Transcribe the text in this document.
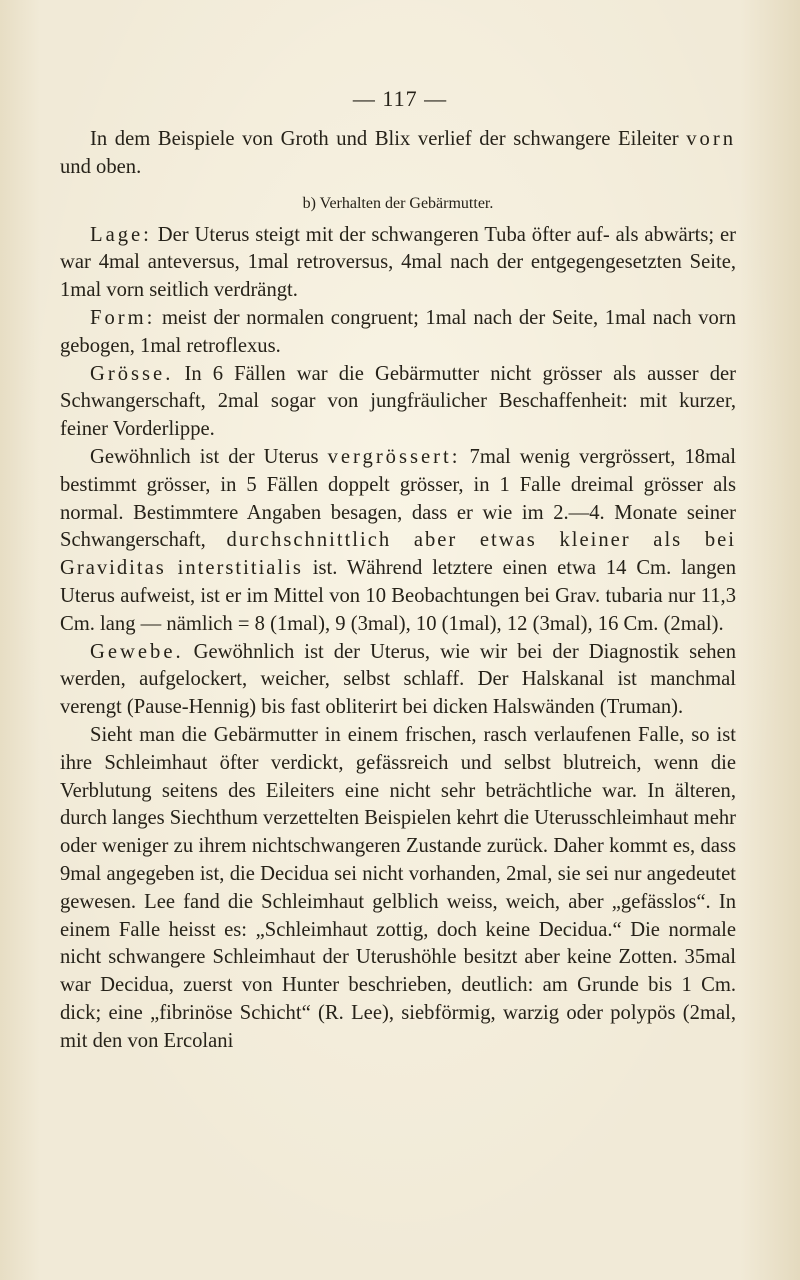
— 117 —

In dem Beispiele von Groth und Blix verlief der schwangere Eileiter vorn und oben.

b) Verhalten der Gebärmutter.

Lage: Der Uterus steigt mit der schwangeren Tuba öfter auf- als abwärts; er war 4mal anteversus, 1mal retroversus, 4mal nach der entgegengesetzten Seite, 1mal vorn seitlich verdrängt.

Form: meist der normalen congruent; 1mal nach der Seite, 1mal nach vorn gebogen, 1mal retroflexus.

Grösse. In 6 Fällen war die Gebärmutter nicht grösser als ausser der Schwangerschaft, 2mal sogar von jungfräulicher Beschaffenheit: mit kurzer, feiner Vorderlippe.

Gewöhnlich ist der Uterus vergrössert: 7mal wenig vergrössert, 18mal bestimmt grösser, in 5 Fällen doppelt grösser, in 1 Falle dreimal grösser als normal. Bestimmtere Angaben besagen, dass er wie im 2.—4. Monate seiner Schwangerschaft, durchschnittlich aber etwas kleiner als bei Graviditas interstitialis ist. Während letztere einen etwa 14 Cm. langen Uterus aufweist, ist er im Mittel von 10 Beobachtungen bei Grav. tubaria nur 11,3 Cm. lang — nämlich = 8 (1mal), 9 (3mal), 10 (1mal), 12 (3mal), 16 Cm. (2mal).

Gewebe. Gewöhnlich ist der Uterus, wie wir bei der Diagnostik sehen werden, aufgelockert, weicher, selbst schlaff. Der Halskanal ist manchmal verengt (Pause-Hennig) bis fast obliterirt bei dicken Halswänden (Truman).

Sieht man die Gebärmutter in einem frischen, rasch verlaufenen Falle, so ist ihre Schleimhaut öfter verdickt, gefässreich und selbst blutreich, wenn die Verblutung seitens des Eileiters eine nicht sehr beträchtliche war. In älteren, durch langes Siechthum verzettelten Beispielen kehrt die Uterusschleimhaut mehr oder weniger zu ihrem nichtschwangeren Zustande zurück. Daher kommt es, dass 9mal angegeben ist, die Decidua sei nicht vorhanden, 2mal, sie sei nur angedeutet gewesen. Lee fand die Schleimhaut gelblich weiss, weich, aber „gefässlos“. In einem Falle heisst es: „Schleimhaut zottig, doch keine Decidua.“ Die normale nicht schwangere Schleimhaut der Uterushöhle besitzt aber keine Zotten. 35mal war Decidua, zuerst von Hunter beschrieben, deutlich: am Grunde bis 1 Cm. dick; eine „fibrinöse Schicht“ (R. Lee), siebförmig, warzig oder polypös (2mal, mit den von Ercolani
